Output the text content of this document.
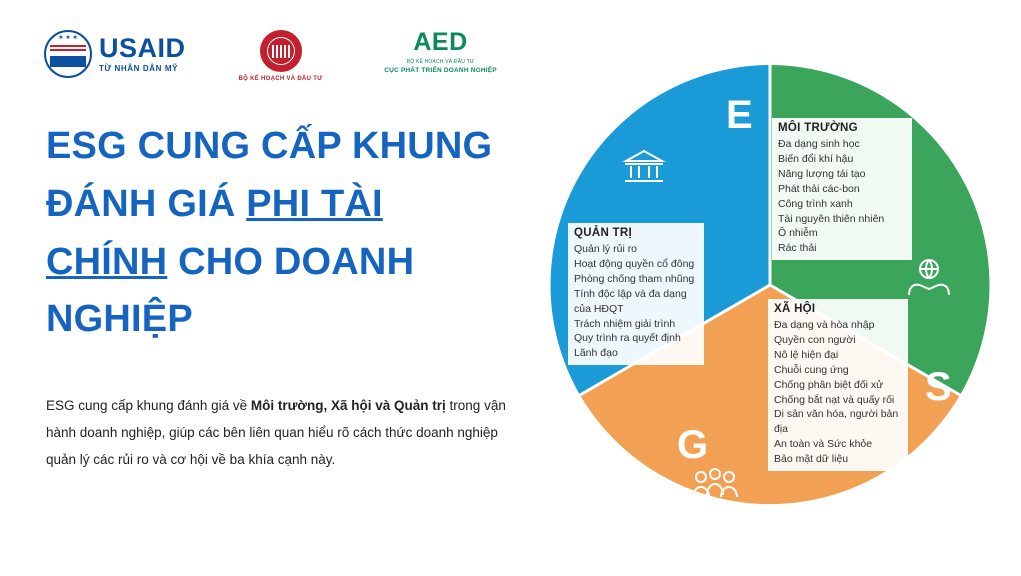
★ ★ ★ USAID
TỪ NHÂN DÂN MỸ
BỘ KẾ HOẠCH VÀ ĐẦU TƯ
AED
BỘ KẾ HOẠCH VÀ ĐẦU TƯ
CỤC PHÁT TRIỂN DOANH NGHIỆP
ESG CUNG CẤP KHUNG
ĐÁNH GIÁ PHI TÀI
CHÍNH CHO DOANH
NGHIỆP

ESG cung cấp khung đánh giá về Môi trường, Xã hội và Quản trị trong vận hành doanh nghiệp, giúp các bên liên quan hiểu rõ cách thức doanh nghiệp quản lý các rủi ro và cơ hội về ba khía cạnh này.

E
S
G
MÔI TRƯỜNG
Đa dạng sinh học
Biến đổi khí hậu
Năng lượng tái tạo
Phát thải các-bon
Công trình xanh
Tài nguyên thiên nhiên
Ô nhiễm
Rác thải
XÃ HỘI
Đa dạng và hòa nhập
Quyền con người
Nô lệ hiện đại
Chuỗi cung ứng
Chống phân biệt đối xử
Chống bắt nạt và quấy rối
Di sản văn hóa, người bản địa
An toàn và Sức khỏe
Bảo mật dữ liệu
QUẢN TRỊ
Quản lý rủi ro
Hoạt động quyền cổ đông
Phòng chống tham nhũng
Tính độc lập và đa dạng của HĐQT
Trách nhiệm giải trình
Quy trình ra quyết định
Lãnh đạo
